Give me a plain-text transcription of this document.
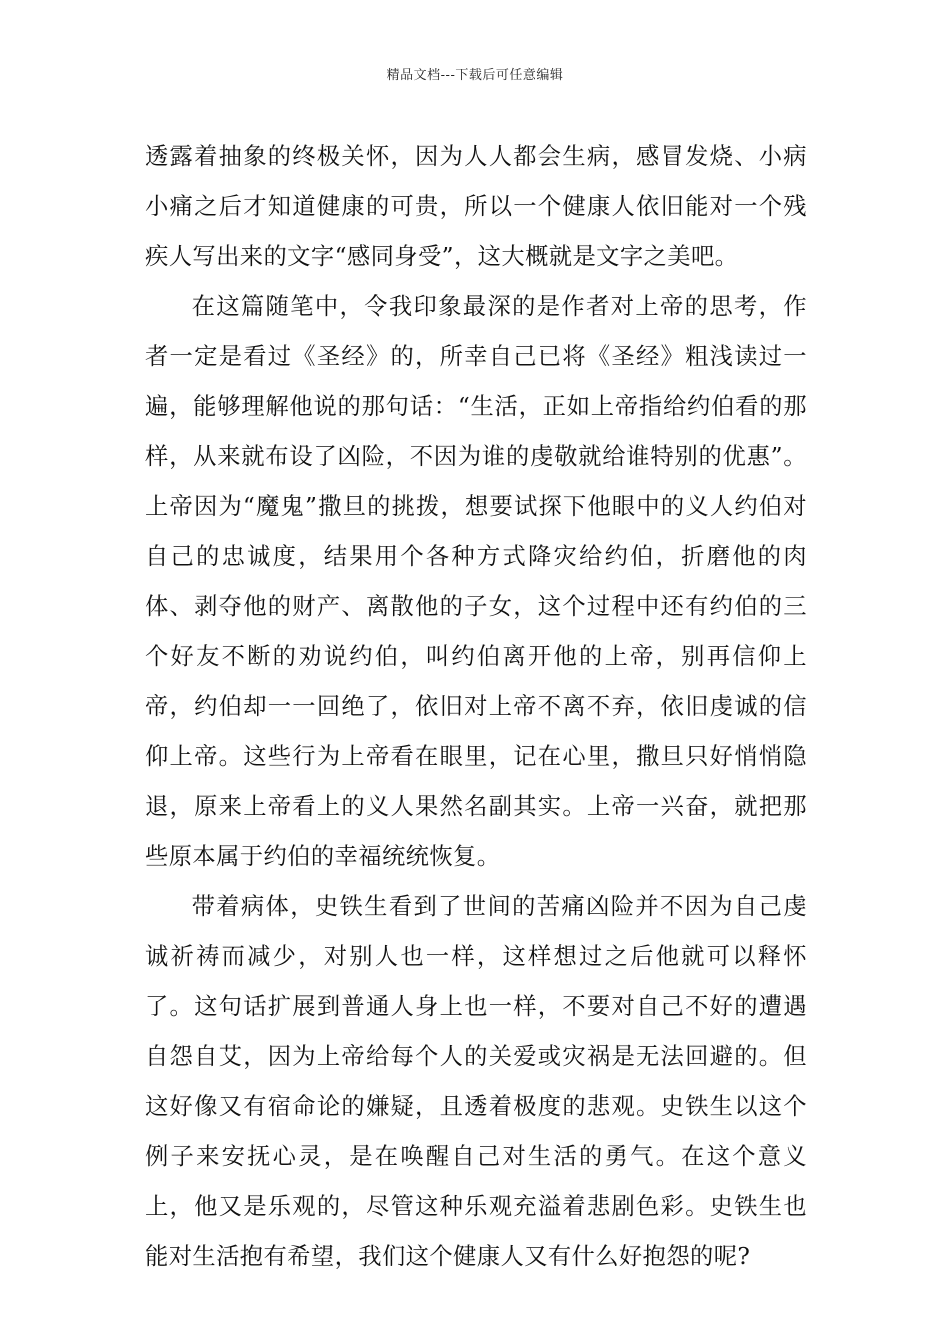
精品文档---下载后可任意编辑

透露着抽象的终极关怀，因为人人都会生病，感冒发烧、小病小痛之后才知道健康的可贵，所以一个健康人依旧能对一个残疾人写出来的文字“感同身受”，这大概就是文字之美吧。

在这篇随笔中，令我印象最深的是作者对上帝的思考，作者一定是看过《圣经》的，所幸自己已将《圣经》粗浅读过一遍，能够理解他说的那句话：“生活，正如上帝指给约伯看的那样，从来就布设了凶险，不因为谁的虔敬就给谁特别的优惠”。上帝因为“魔鬼”撒旦的挑拨，想要试探下他眼中的义人约伯对自己的忠诚度，结果用个各种方式降灾给约伯，折磨他的肉体、剥夺他的财产、离散他的子女，这个过程中还有约伯的三个好友不断的劝说约伯，叫约伯离开他的上帝，别再信仰上帝，约伯却一一回绝了，依旧对上帝不离不弃，依旧虔诚的信仰上帝。这些行为上帝看在眼里，记在心里，撒旦只好悄悄隐退，原来上帝看上的义人果然名副其实。上帝一兴奋，就把那些原本属于约伯的幸福统统恢复。

带着病体，史铁生看到了世间的苦痛凶险并不因为自己虔诚祈祷而减少，对别人也一样，这样想过之后他就可以释怀了。这句话扩展到普通人身上也一样，不要对自己不好的遭遇自怨自艾，因为上帝给每个人的关爱或灾祸是无法回避的。但这好像又有宿命论的嫌疑，且透着极度的悲观。史铁生以这个例子来安抚心灵，是在唤醒自己对生活的勇气。在这个意义上，他又是乐观的，尽管这种乐观充溢着悲剧色彩。史铁生也能对生活抱有希望，我们这个健康人又有什么好抱怨的呢?
